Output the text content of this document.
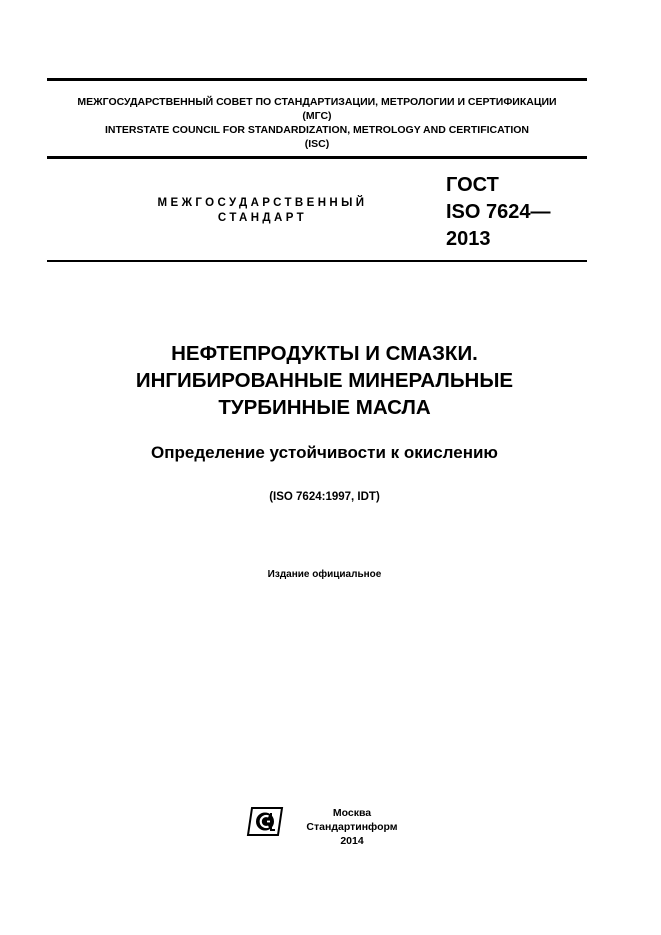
МЕЖГОСУДАРСТВЕННЫЙ СОВЕТ ПО СТАНДАРТИЗАЦИИ, МЕТРОЛОГИИ И СЕРТИФИКАЦИИ
(МГС)
INTERSTATE COUNCIL FOR STANDARDIZATION, METROLOGY AND CERTIFICATION
(ISC)
МЕЖГОСУДАРСТВЕННЫЙ
СТАНДАРТ
ГОСТ
ISO 7624—
2013
НЕФТЕПРОДУКТЫ И СМАЗКИ.
ИНГИБИРОВАННЫЕ МИНЕРАЛЬНЫЕ
ТУРБИННЫЕ МАСЛА
Определение устойчивости к окислению
(ISO 7624:1997, IDT)
Издание официальное
Москва
Стандартинформ
2014
